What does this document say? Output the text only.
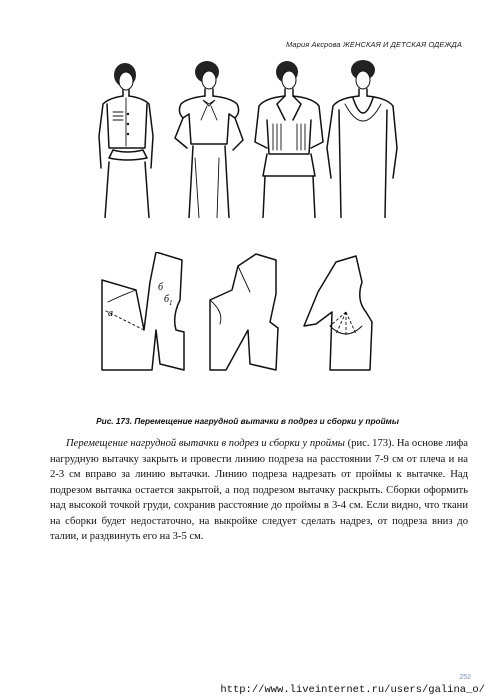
Мария Аксрова ЖЕНСКАЯ И ДЕТСКАЯ ОДЕЖДА
б
$б_1$
а
Рис. 173. Перемещение нагрудной вытачки в подрез и сборки у проймы

Перемещение нагрудной вытачки в подрез и сборки у проймы (рис. 173). На основе лифа нагрудную вытачку закрыть и провести линию подреза на расстоянии 7-9 см от плеча и на 2-3 см вправо за линию вытачки. Линию подреза надрезать от проймы к вытачке. Над подрезом вытачка остается закрытой, а под подрезом вытачку раскрыть. Сборки оформить над высокой точкой груди, сохранив расстояние до проймы в 3-4 см. Если видно, что ткани на сборки будет недостаточно, на выкройке следует сделать надрез, от подреза вниз до талии, и раздвинуть его на 3-5 см.

252
http://www.liveinternet.ru/users/galina_o/
